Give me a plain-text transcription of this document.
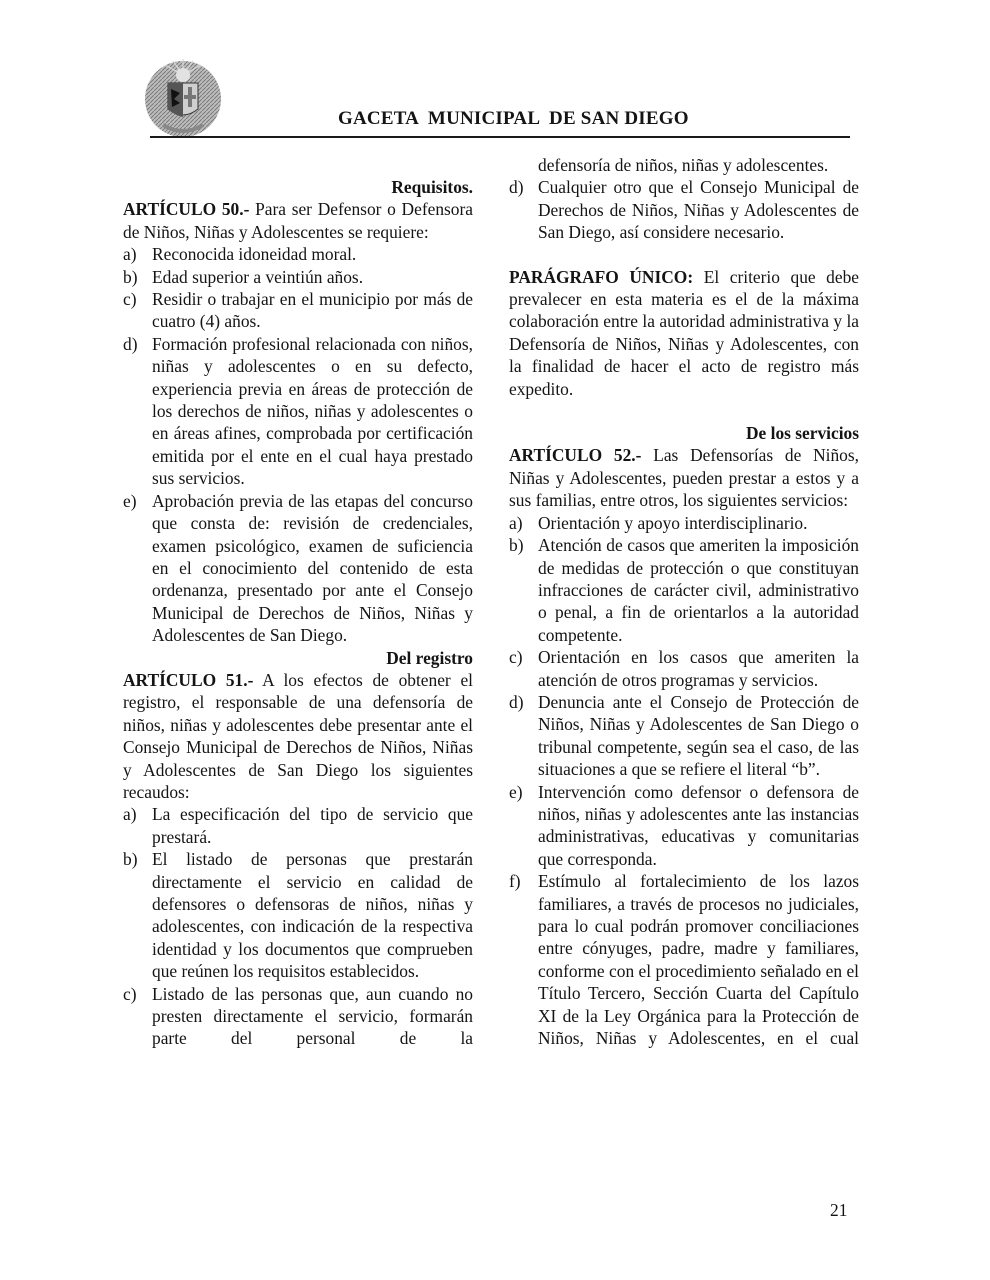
GACETA  MUNICIPAL  DE SAN DIEGO
Requisitos.
ARTÍCULO 50.- Para ser Defensor o Defensora de Niños, Niñas y Adolescentes se requiere:
a) Reconocida idoneidad moral.
b) Edad superior a veintiún años.
c) Residir o trabajar en el municipio por más de cuatro (4) años.
d) Formación profesional relacionada con niños, niñas y adolescentes o en su defecto, experiencia previa en áreas de protección de los derechos de niños, niñas y adolescentes o en áreas afines, comprobada por certificación emitida por el ente en el cual haya prestado sus servicios.
e) Aprobación previa de las etapas del concurso que consta de: revisión de credenciales, examen psicológico, examen de suficiencia en el conocimiento del contenido de esta ordenanza, presentado por ante el Consejo Municipal de Derechos de Niños, Niñas y Adolescentes de San Diego.
Del registro
ARTÍCULO 51.- A los efectos de obtener el registro, el responsable de una defensoría de niños, niñas y adolescentes debe presentar ante el Consejo Municipal de Derechos de Niños, Niñas y Adolescentes de San Diego los siguientes recaudos:
a) La especificación del tipo de servicio que prestará.
b) El listado de personas que prestarán directamente el servicio en calidad de defensores o defensoras de niños, niñas y adolescentes, con indicación de la respectiva identidad y los documentos que comprueben que reúnen los requisitos establecidos.
c) Listado de las personas que, aun cuando no presten directamente el servicio, formarán parte del personal de la
defensoría de niños, niñas y adolescentes.
d) Cualquier otro que el Consejo Municipal de Derechos de Niños, Niñas y Adolescentes de San Diego, así considere necesario.
PARÁGRAFO ÚNICO: El criterio que debe prevalecer en esta materia es el de la máxima colaboración entre la autoridad administrativa y la Defensoría de Niños, Niñas y Adolescentes, con la finalidad de hacer el acto de registro más expedito.
De los servicios
ARTÍCULO 52.- Las Defensorías de Niños, Niñas y Adolescentes, pueden prestar a estos y a sus familias, entre otros, los siguientes servicios:
a) Orientación y apoyo interdisciplinario.
b) Atención de casos que ameriten la imposición de medidas de protección o que constituyan infracciones de carácter civil, administrativo o penal, a fin de orientarlos a la autoridad competente.
c) Orientación en los casos que ameriten la atención de otros programas y servicios.
d) Denuncia ante el Consejo de Protección de Niños, Niñas y Adolescentes de San Diego o tribunal competente, según sea el caso, de las situaciones a que se refiere el literal “b”.
e) Intervención como defensor o defensora de niños, niñas y adolescentes ante las instancias administrativas, educativas y comunitarias que corresponda.
f) Estímulo al fortalecimiento de los lazos familiares, a través de procesos no judiciales, para lo cual podrán promover conciliaciones entre cónyuges, padre, madre y familiares, conforme con el procedimiento señalado en el Título Tercero, Sección Cuarta del Capítulo XI de la Ley Orgánica para la Protección de Niños, Niñas y Adolescentes, en el cual
21
